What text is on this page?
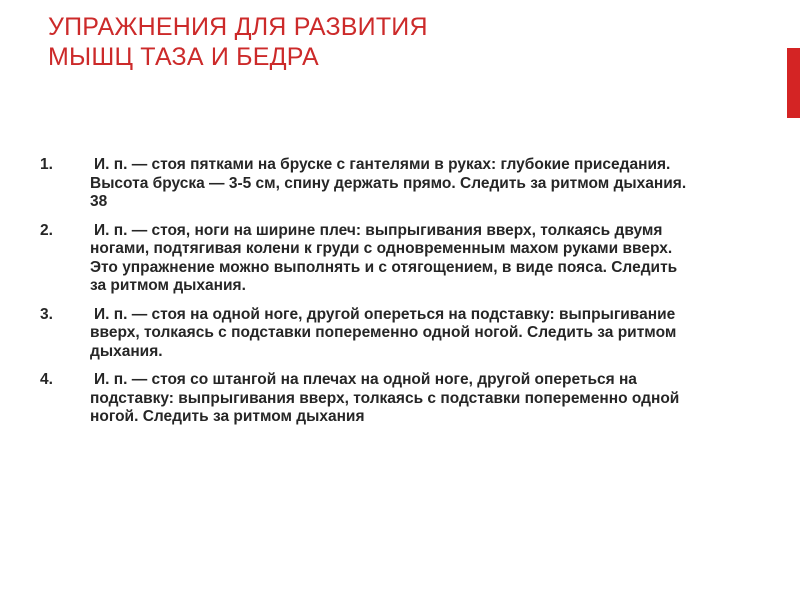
УПРАЖНЕНИЯ ДЛЯ РАЗВИТИЯ
МЫШЦ ТАЗА И БЕДРА
1.	И. п. — стоя пятками на бруске с гантелями в руках: глубокие приседания. Высота бруска — 3-5 см, спину держать прямо. Следить за ритмом дыхания. 38
2.	И. п. — стоя, ноги на ширине плеч: выпрыгивания вверх, толкаясь двумя ногами, подтягивая колени к груди с одновременным махом руками вверх. Это упражнение можно выполнять и с отягощением, в виде пояса. Следить за ритмом дыхания.
3.	И. п. — стоя на одной ноге, другой опереться на подставку: выпрыгивание вверх, толкаясь с подставки попеременно одной ногой. Следить за ритмом дыхания.
4.	И. п. — стоя со штангой на плечах на одной ноге, другой опереться на подставку: выпрыгивания вверх, толкаясь с подставки попеременно одной ногой. Следить за ритмом дыхания
